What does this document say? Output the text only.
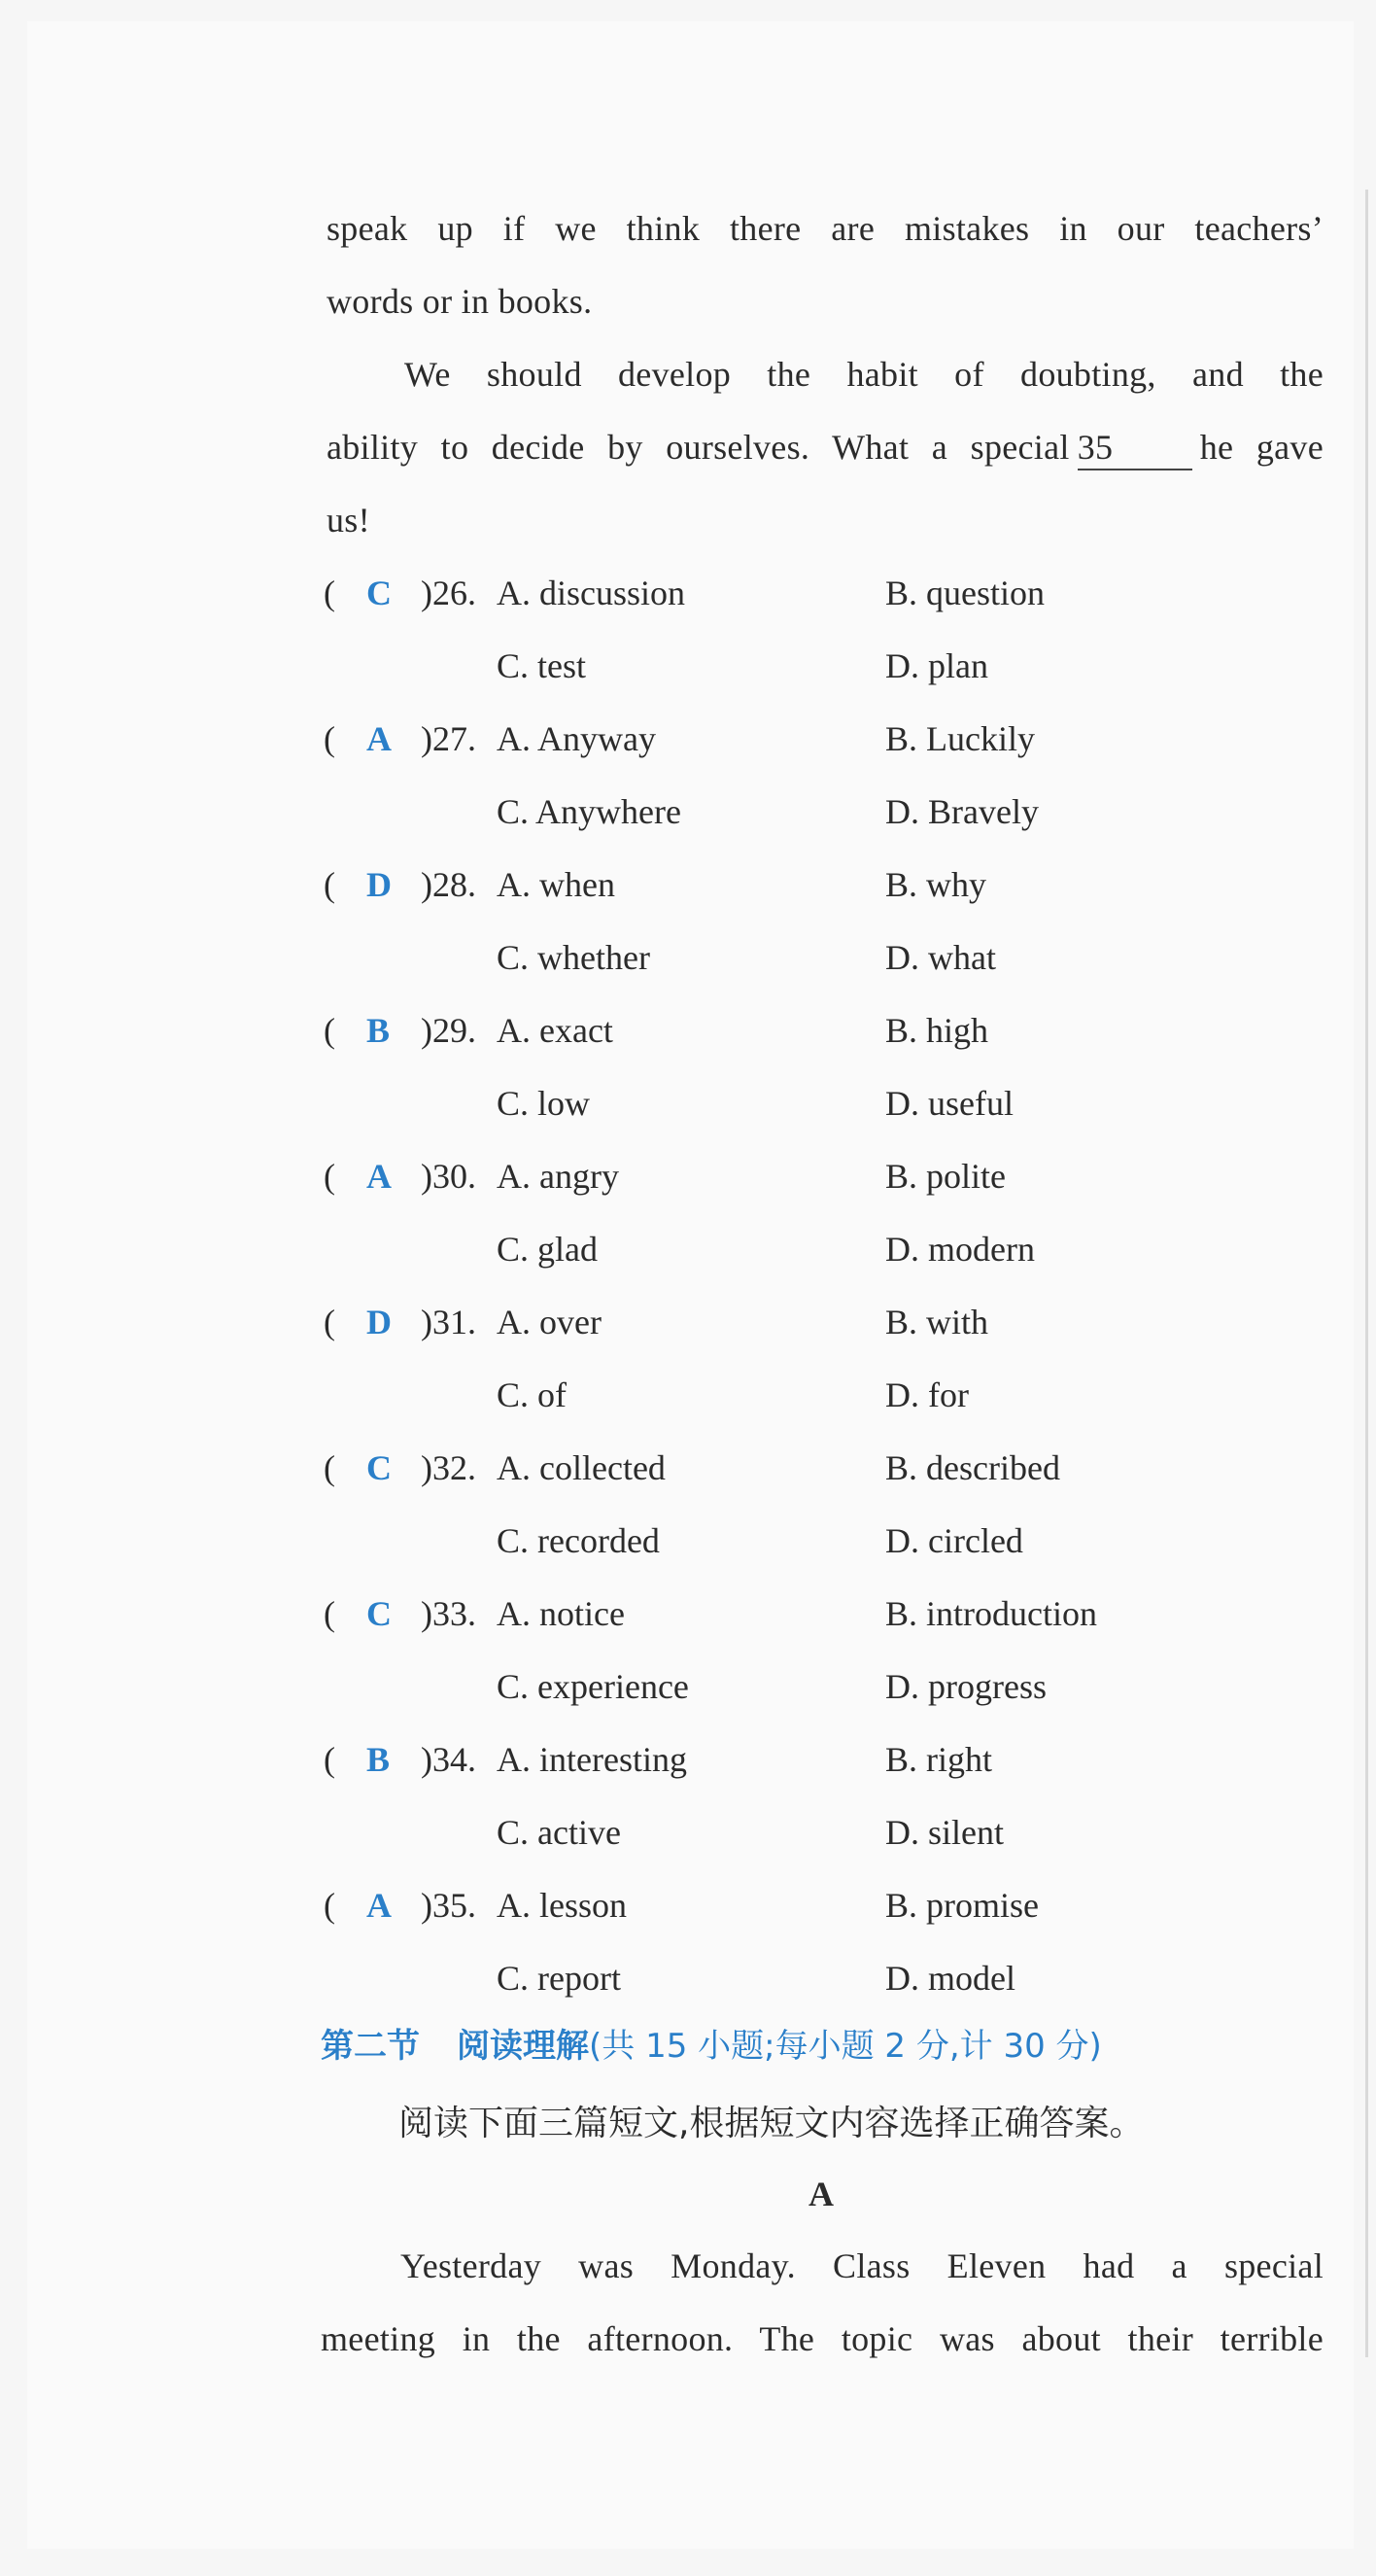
speak up if we think there are mistakes in our teachers’
words or in books.
We should develop the habit of doubting, and the
ability to decide by ourselves. What a special 35 he gave
us!
( C )26. A. discussion	B. question
C. test	D. plan
( A )27. A. Anyway	B. Luckily
C. Anywhere	D. Bravely
( D )28. A. when	B. why
C. whether	D. what
( B )29. A. exact	B. high
C. low	D. useful
( A )30. A. angry	B. polite
C. glad	D. modern
( D )31. A. over	B. with
C. of	D. for
( C )32. A. collected	B. described
C. recorded	D. circled
( C )33. A. notice	B. introduction
C. experience	D. progress
( B )34. A. interesting	B. right
C. active	D. silent
( A )35. A. lesson	B. promise
C. report	D. model
第二节 阅读理解(共 15 小题;每小题 2 分,计 30 分)
阅读下面三篇短文,根据短文内容选择正确答案。
A
Yesterday was Monday. Class Eleven had a special
meeting in the afternoon. The topic was about their terrible
